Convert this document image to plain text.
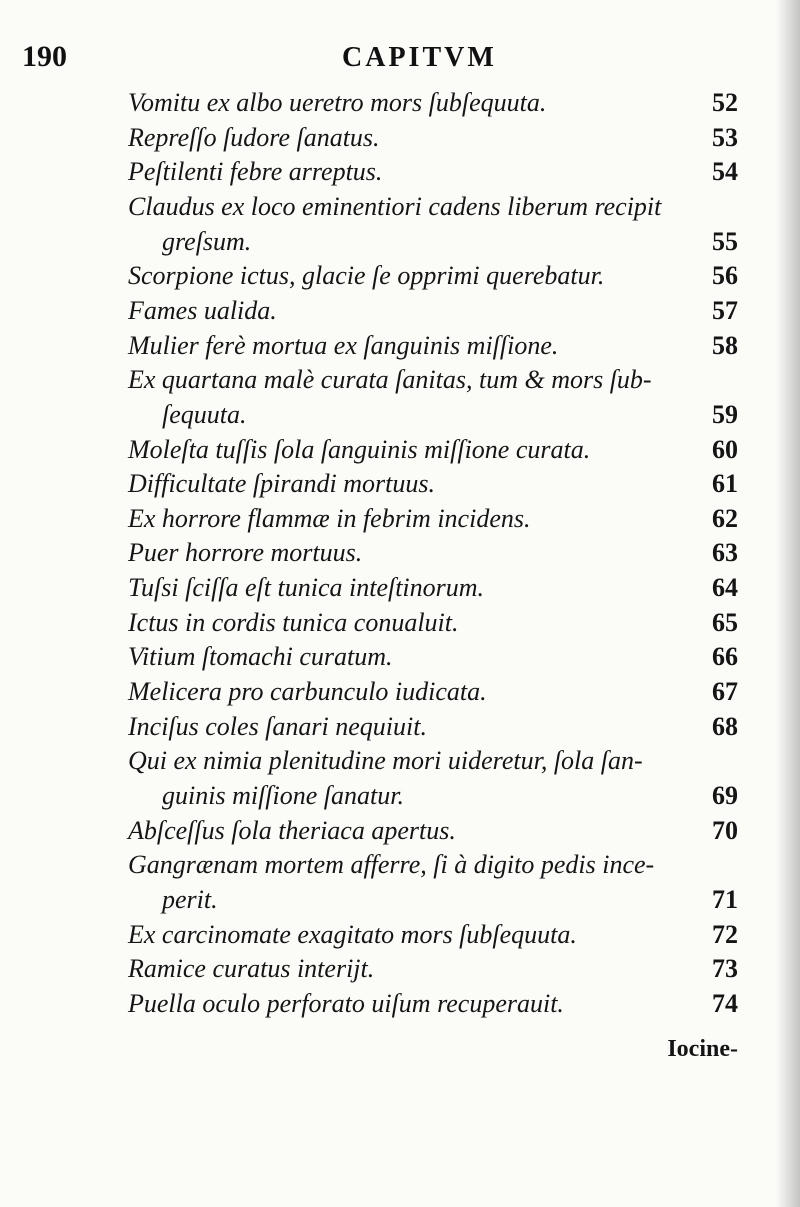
190	CAPITVM
Vomitu ex albo ueretro mors ſubſequuta.	52
Repreſſo ſudore ſanatus.	53
Peſtilenti febre arreptus.	54
Claudus ex loco eminentiori cadens liberum recipit
greſsum.	55
Scorpione ictus, glacie ſe opprimi querebatur.	56
Fames ualida.	57
Mulier ferè mortua ex ſanguinis miſſione.	58
Ex quartana malè curata ſanitas, tum & mors ſub-
ſequuta.	59
Moleſta tuſſis ſola ſanguinis miſſione curata.	60
Difficultate ſpirandi mortuus.	61
Ex horrore flammæ in febrim incidens.	62
Puer horrore mortuus.	63
Tuſsi ſciſſa eſt tunica inteſtinorum.	64
Ictus in cordis tunica conualuit.	65
Vitium ſtomachi curatum.	66
Melicera pro carbunculo iudicata.	67
Inciſus coles ſanari nequiuit.	68
Qui ex nimia plenitudine mori uideretur, ſola ſan-
guinis miſſione ſanatur.	69
Abſceſſus ſola theriaca apertus.	70
Gangrænam mortem afferre, ſi à digito pedis ince-
perit.	71
Ex carcinomate exagitato mors ſubſequuta.	72
Ramice curatus interijt.	73
Puella oculo perforato uiſum recuperauit.	74
Iocine-
